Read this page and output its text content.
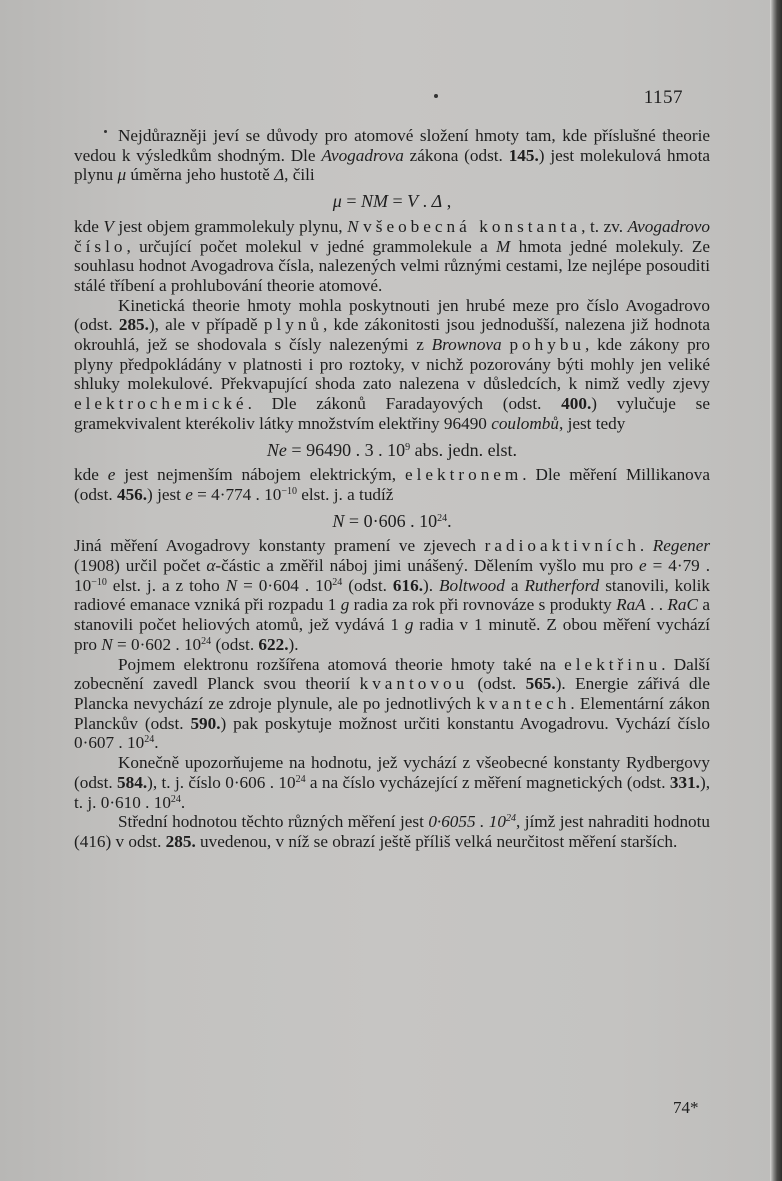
1157

Nejdůrazněji jeví se důvody pro atomové složení hmoty tam, kde příslušné theorie vedou k výsledkům shodným. Dle Avogadrova zákona (odst. 145.) jest molekulová hmota plynu μ úměrna jeho hustotě Δ, čili

μ = NM = V . Δ ,

kde V jest objem grammolekuly plynu, N všeobecná konstanta, t. zv. Avogadrovo číslo, určující počet molekul v jedné grammolekule a M hmota jedné molekuly. Ze souhlasu hodnot Avogadrova čísla, nalezených velmi různými cestami, lze nejlépe posouditi stálé tříbení a prohlubování theorie atomové.

Kinetická theorie hmoty mohla poskytnouti jen hrubé meze pro číslo Avogadrovo (odst. 285.), ale v případě plynů, kde zákonitosti jsou jednodušší, nalezena již hodnota okrouhlá, jež se shodovala s čísly nalezenými z Brownova pohybu, kde zákony pro plyny předpokládány v platnosti i pro roztoky, v nichž pozorovány býti mohly jen veliké shluky molekulové. Překvapující shoda zato nalezena v důsledcích, k nimž vedly zjevy elektrochemické. Dle zákonů Faradayových (odst. 400.) vylučuje se gramekvivalent kterékoliv látky množstvím elektřiny 96490 coulombů, jest tedy

Ne = 96490 . 3 . $10^9$ abs. jedn. elst.

kde e jest nejmenším nábojem elektrickým, elektronem. Dle měření Millikanova (odst. 456.) jest e = 4·774 . $10^{-10}$ elst. j. a tudíž

N = 0·606 . $10^{24}$.

Jiná měření Avogadrovy konstanty pramení ve zjevech radioaktivních. Regener (1908) určil počet α-částic a změřil náboj jimi unášený. Dělením vyšlo mu pro e = 4·79 . $10^{-10}$ elst. j. a z toho N = 0·604 . $10^{24}$ (odst. 616.). Boltwood a Rutherford stanovili, kolik radiové emanace vzniká při rozpadu 1 g radia za rok při rovnováze s produkty RaA . . RaC a stanovili počet heliových atomů, jež vydává 1 g radia v 1 minutě. Z obou měření vychází pro N = 0·602 . $10^{24}$ (odst. 622.).

Pojmem elektronu rozšířena atomová theorie hmoty také na elektřinu. Další zobecnění zavedl Planck svou theorií kvantovou (odst. 565.). Energie zářivá dle Plancka nevychází ze zdroje plynule, ale po jednotlivých kvantech. Elementární zákon Planckův (odst. 590.) pak poskytuje možnost určiti konstantu Avogadrovu. Vychází číslo 0·607 . $10^{24}$.

Konečně upozorňujeme na hodnotu, jež vychází z všeobecné konstanty Rydbergovy (odst. 584.), t. j. číslo 0·606 . $10^{24}$ a na číslo vycházející z měření magnetických (odst. 331.), t. j. 0·610 . $10^{24}$.

Střední hodnotou těchto různých měření jest 0·6055 . $10^{24}$, jímž jest nahraditi hodnotu (416) v odst. 285. uvedenou, v níž se obrazí ještě příliš velká neurčitost měření starších.

74*
